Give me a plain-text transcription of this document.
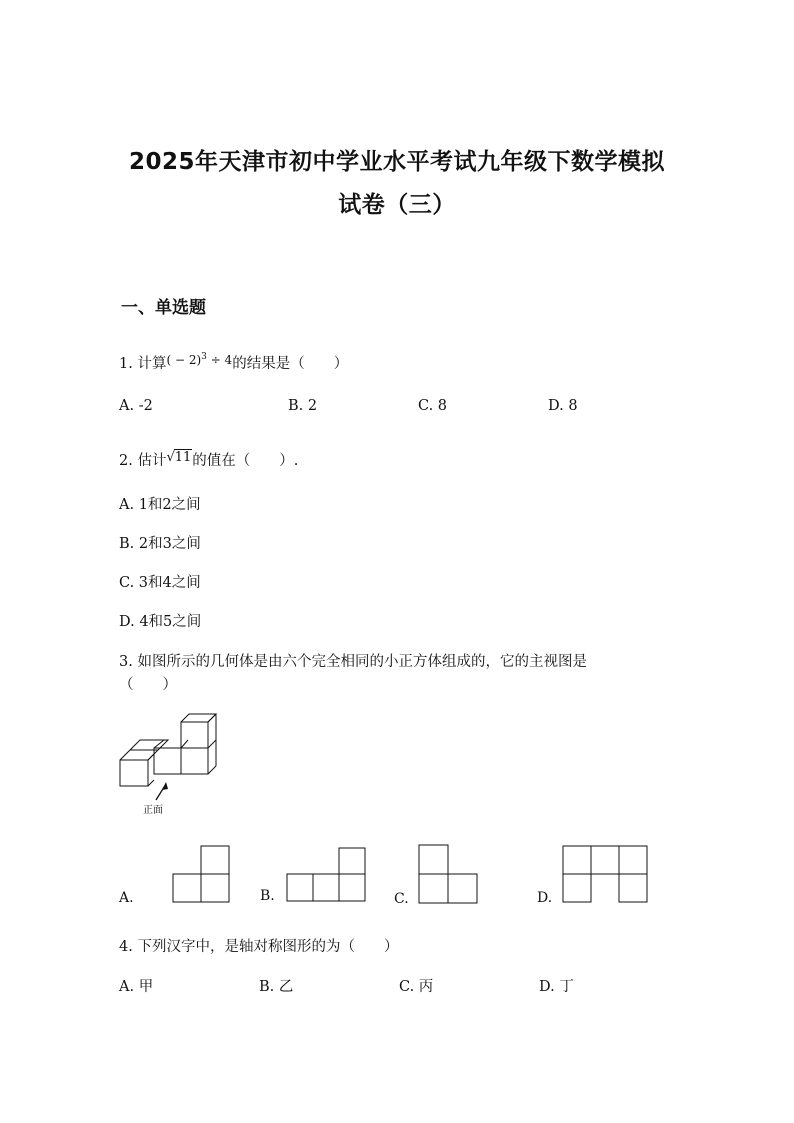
2025年天津市初中学业水平考试九年级下数学模拟
试卷（三）
一、单选题
1. 计算$^{( - 2)^3 \div 4}$的结果是（　　）
A. -2	B. 2	C. 8	D. 8
2. 估计√11的值在（　　）.
A. 1和2之间
B. 2和3之间
C. 3和4之间
D. 4和5之间
3. 如图所示的几何体是由六个完全相同的小正方体组成的，它的主视图是
（　　）
正面
A.	B.	C.	D.
4. 下列汉字中，是轴对称图形的为（　　）
A. 甲	B. 乙	C. 丙	D. 丁
